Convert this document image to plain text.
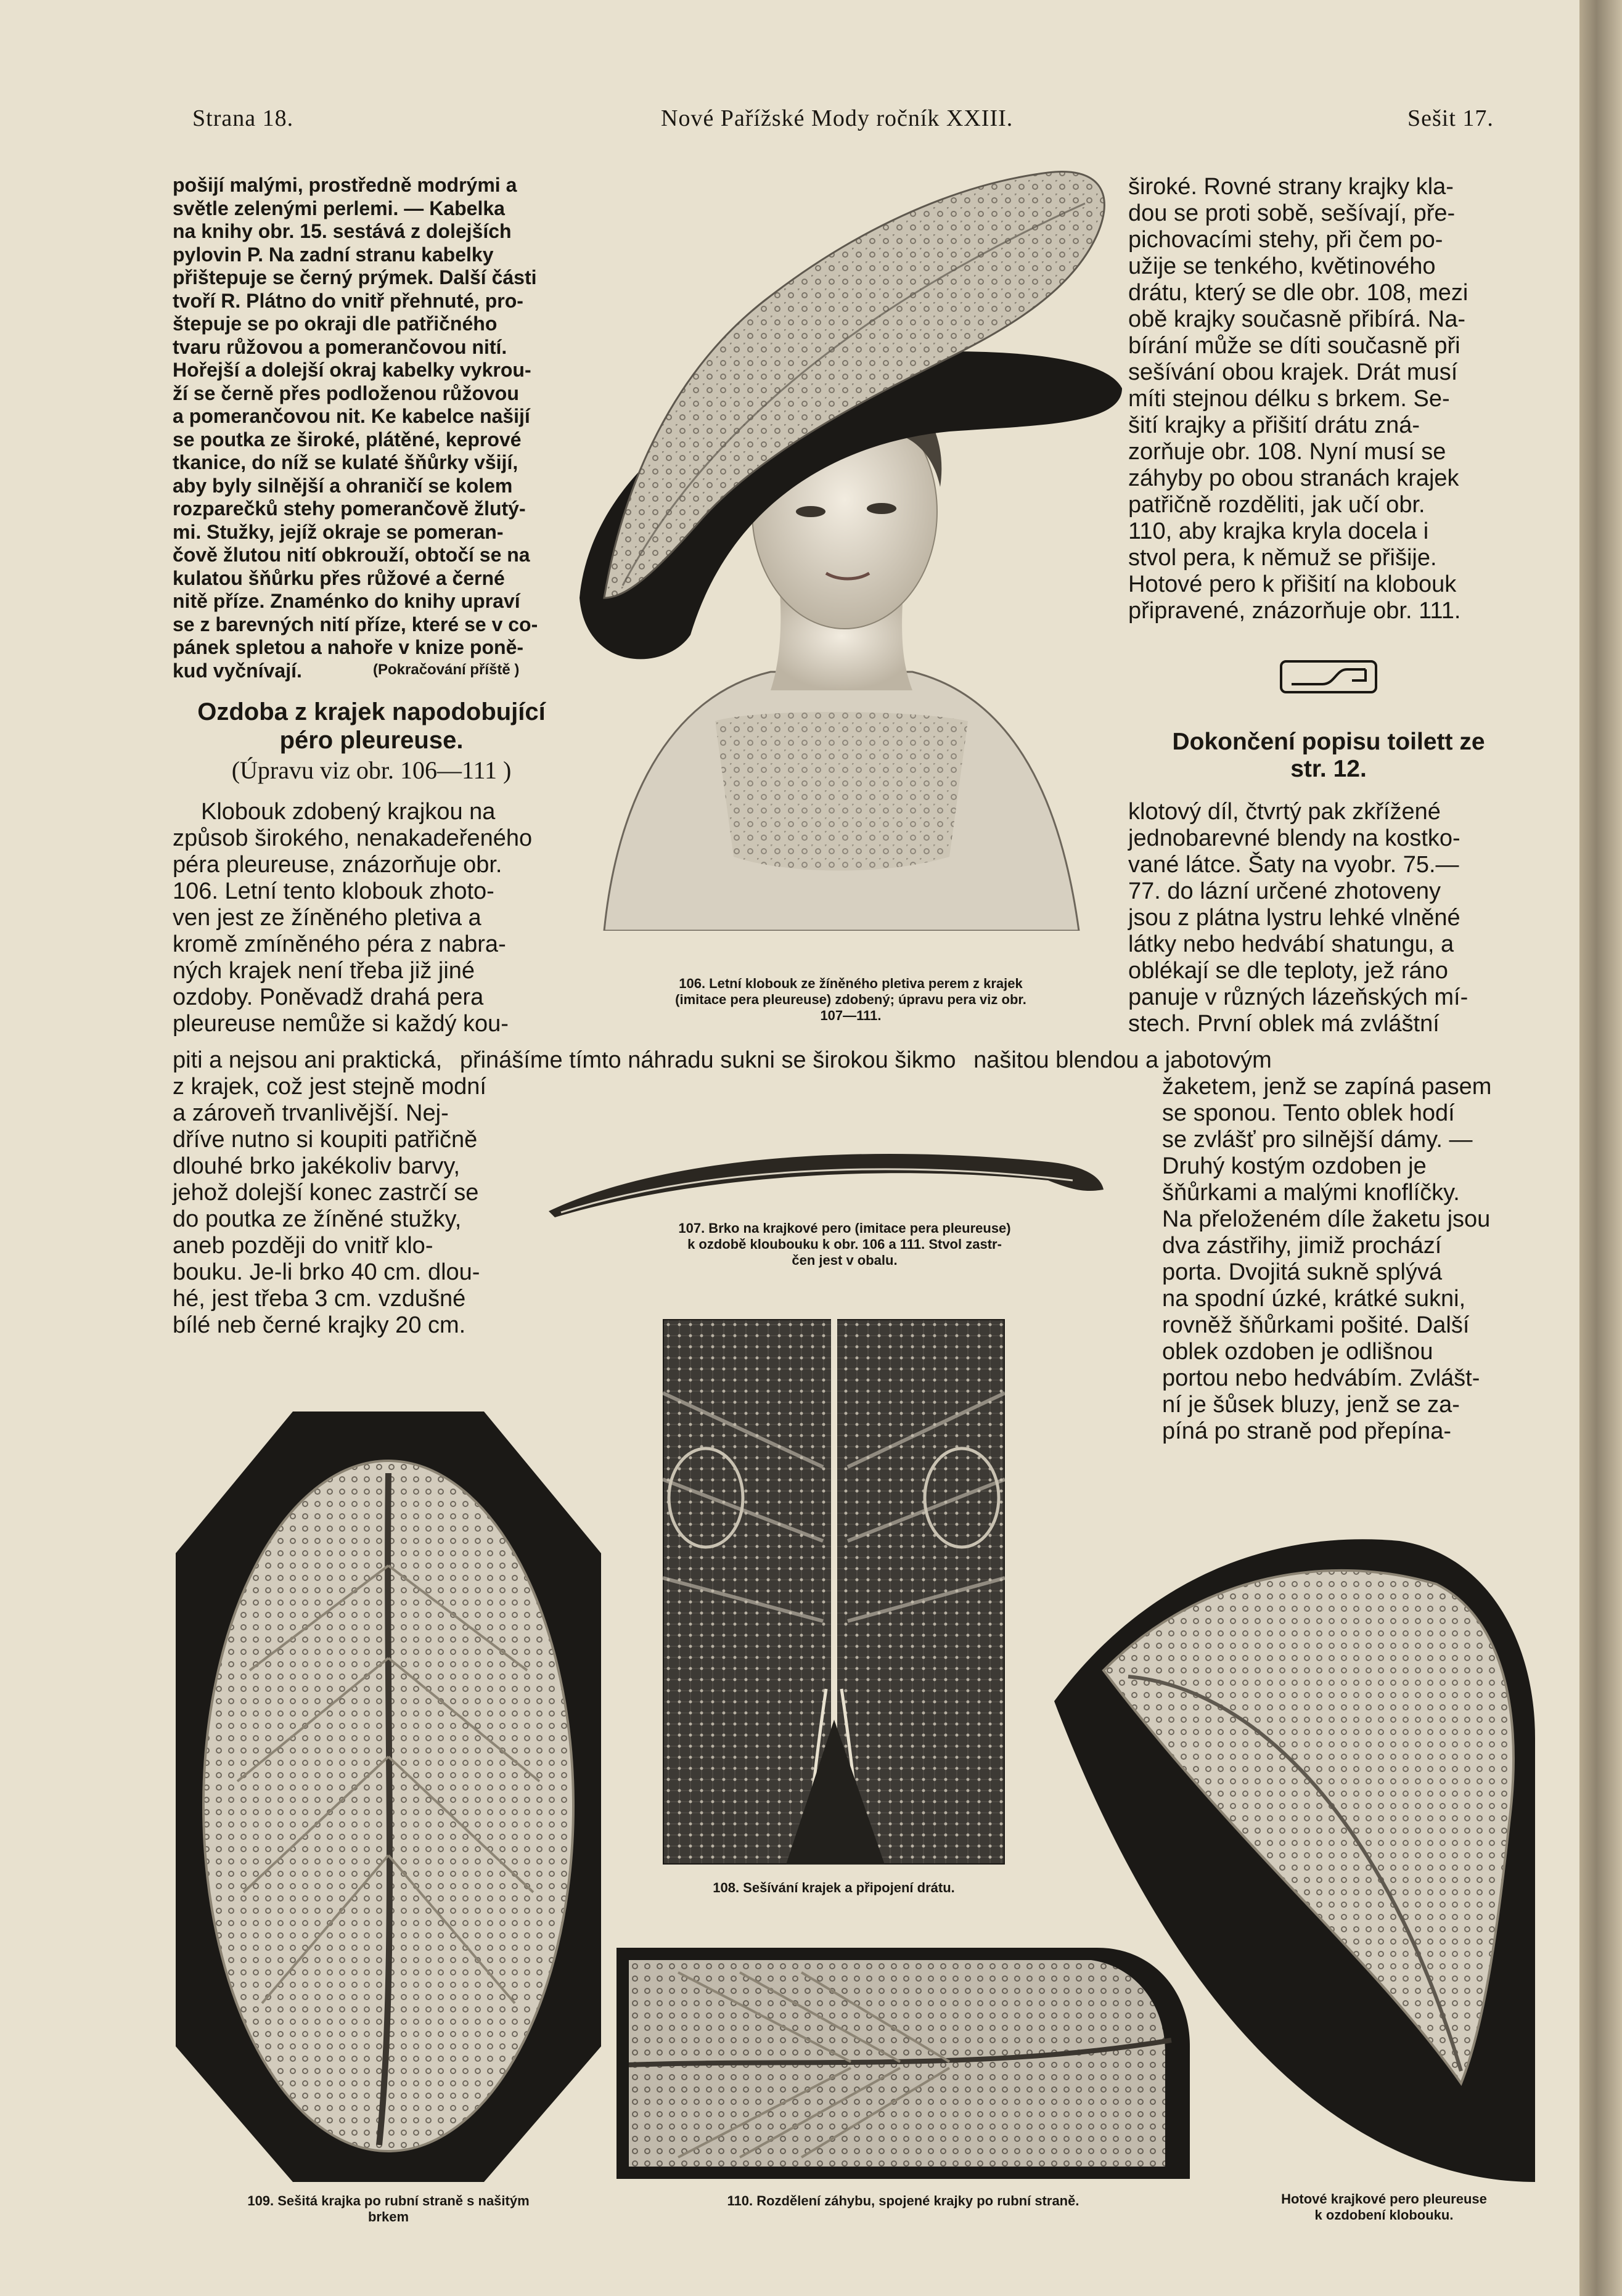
Strana 18.	Nové Pařížské Mody ročník XXIII.	Sešit 17.
pošijí malými, prostředně modrými a
světle zelenými perlemi. — Kabelka
na knihy obr. 15. sestává z dolejších
pylovin P. Na zadní stranu kabelky
přištepuje se černý prýmek. Další části
tvoří R. Plátno do vnitř přehnuté, pro-
štepuje se po okraji dle patřičného
tvaru růžovou a pomerančovou nití.
Hořejší a dolejší okraj kabelky vykrou-
ží se černě přes podloženou růžovou
a pomerančovou nit. Ke kabelce našijí
se poutka ze široké, plátěné, keprové
tkanice, do níž se kulaté šňůrky všijí,
aby byly silnější a ohraničí se kolem
rozparečků stehy pomerančově žlutý-
mi. Stužky, jejíž okraje se pomeran-
čově žlutou nití obkrouží, obtočí se na
kulatou šňůrku přes růžové a černé
nitě příze. Znaménko do knihy upraví
se z barevných nití příze, které se v co-
pánek spletou a nahoře v knize poně-
kud vyčnívají.	(Pokračování příště )
Ozdoba z krajek napodobující
péro pleureuse.
(Úpravu viz obr. 106—111 )
Klobouk zdobený krajkou na
způsob širokého, nenakadeřeného
péra pleureuse, znázorňuje obr.
106. Letní tento klobouk zhoto-
ven jest ze žíněného pletiva a
kromě zmíněného péra z nabra-
ných krajek není třeba již jiné
ozdoby. Poněvadž drahá pera
pleureuse nemůže si každý kou-
piti a nejsou ani praktická, přinášíme tímto náhradu sukni se širokou šikmo našitou blendou a jabotovým
z krajek, což jest stejně modní
a zároveň trvanlivější. Nej-
dříve nutno si koupiti patřičně
dlouhé brko jakékoliv barvy,
jehož dolejší konec zastrčí se
do poutka ze žíněné stužky,
aneb později do vnitř klo-
bouku. Je-li brko 40 cm. dlou-
hé, jest třeba 3 cm. vzdušné
bílé neb černé krajky 20 cm.
široké. Rovné strany krajky kla-
dou se proti sobě, sešívají, pře-
pichovacími stehy, při čem po-
užije se tenkého, květinového
drátu, který se dle obr. 108, mezi
obě krajky současně přibírá. Na-
bírání může se díti současně při
sešívání obou krajek. Drát musí
míti stejnou délku s brkem. Se-
šití krajky a přišití drátu zná-
zorňuje obr. 108. Nyní musí se
záhyby po obou stranách krajek
patřičně rozděliti, jak učí obr.
110, aby krajka kryla docela i
stvol pera, k němuž se přišije.
Hotové pero k přišití na klobouk
připravené, znázorňuje obr. 111.
Dokončení popisu toilett ze
str. 12.
klotový díl, čtvrtý pak zkřížené
jednobarevné blendy na kostko-
vané látce. Šaty na vyobr. 75.—
77. do lázní určené zhotoveny
jsou z plátna lystru lehké vlněné
látky nebo hedvábí shatungu, a
oblékají se dle teploty, jež ráno
panuje v různých lázeňských mí-
stech. První oblek má zvláštní
žaketem, jenž se zapíná pasem
se sponou. Tento oblek hodí
se zvlášť pro silnější dámy. —
Druhý kostým ozdoben je
šňůrkami a malými knoflíčky.
Na přeloženém díle žaketu jsou
dva zástřihy, jimiž prochází
porta. Dvojitá sukně splývá
na spodní úzké, krátké sukni,
rovněž šňůrkami pošité. Další
oblek ozdoben je odlišnou
portou nebo hedvábím. Zvlášt-
ní je šůsek bluzy, jenž se za-
píná po straně pod přepína-
106. Letní klobouk ze žíněného pletiva perem z krajek
(imitace pera pleureuse) zdobený; úpravu pera viz obr.
107—111.
107. Brko na krajkové pero (imitace pera pleureuse)
k ozdobě kloubouku k obr. 106 a 111. Stvol zastr-
čen jest v obalu.
108. Sešívání krajek a připojení drátu.
109. Sešitá krajka po rubní straně s našitým
brkem
110. Rozdělení záhybu, spojené krajky po rubní straně.	Hotové krajkové pero pleureuse
k ozdobení klobouku.
